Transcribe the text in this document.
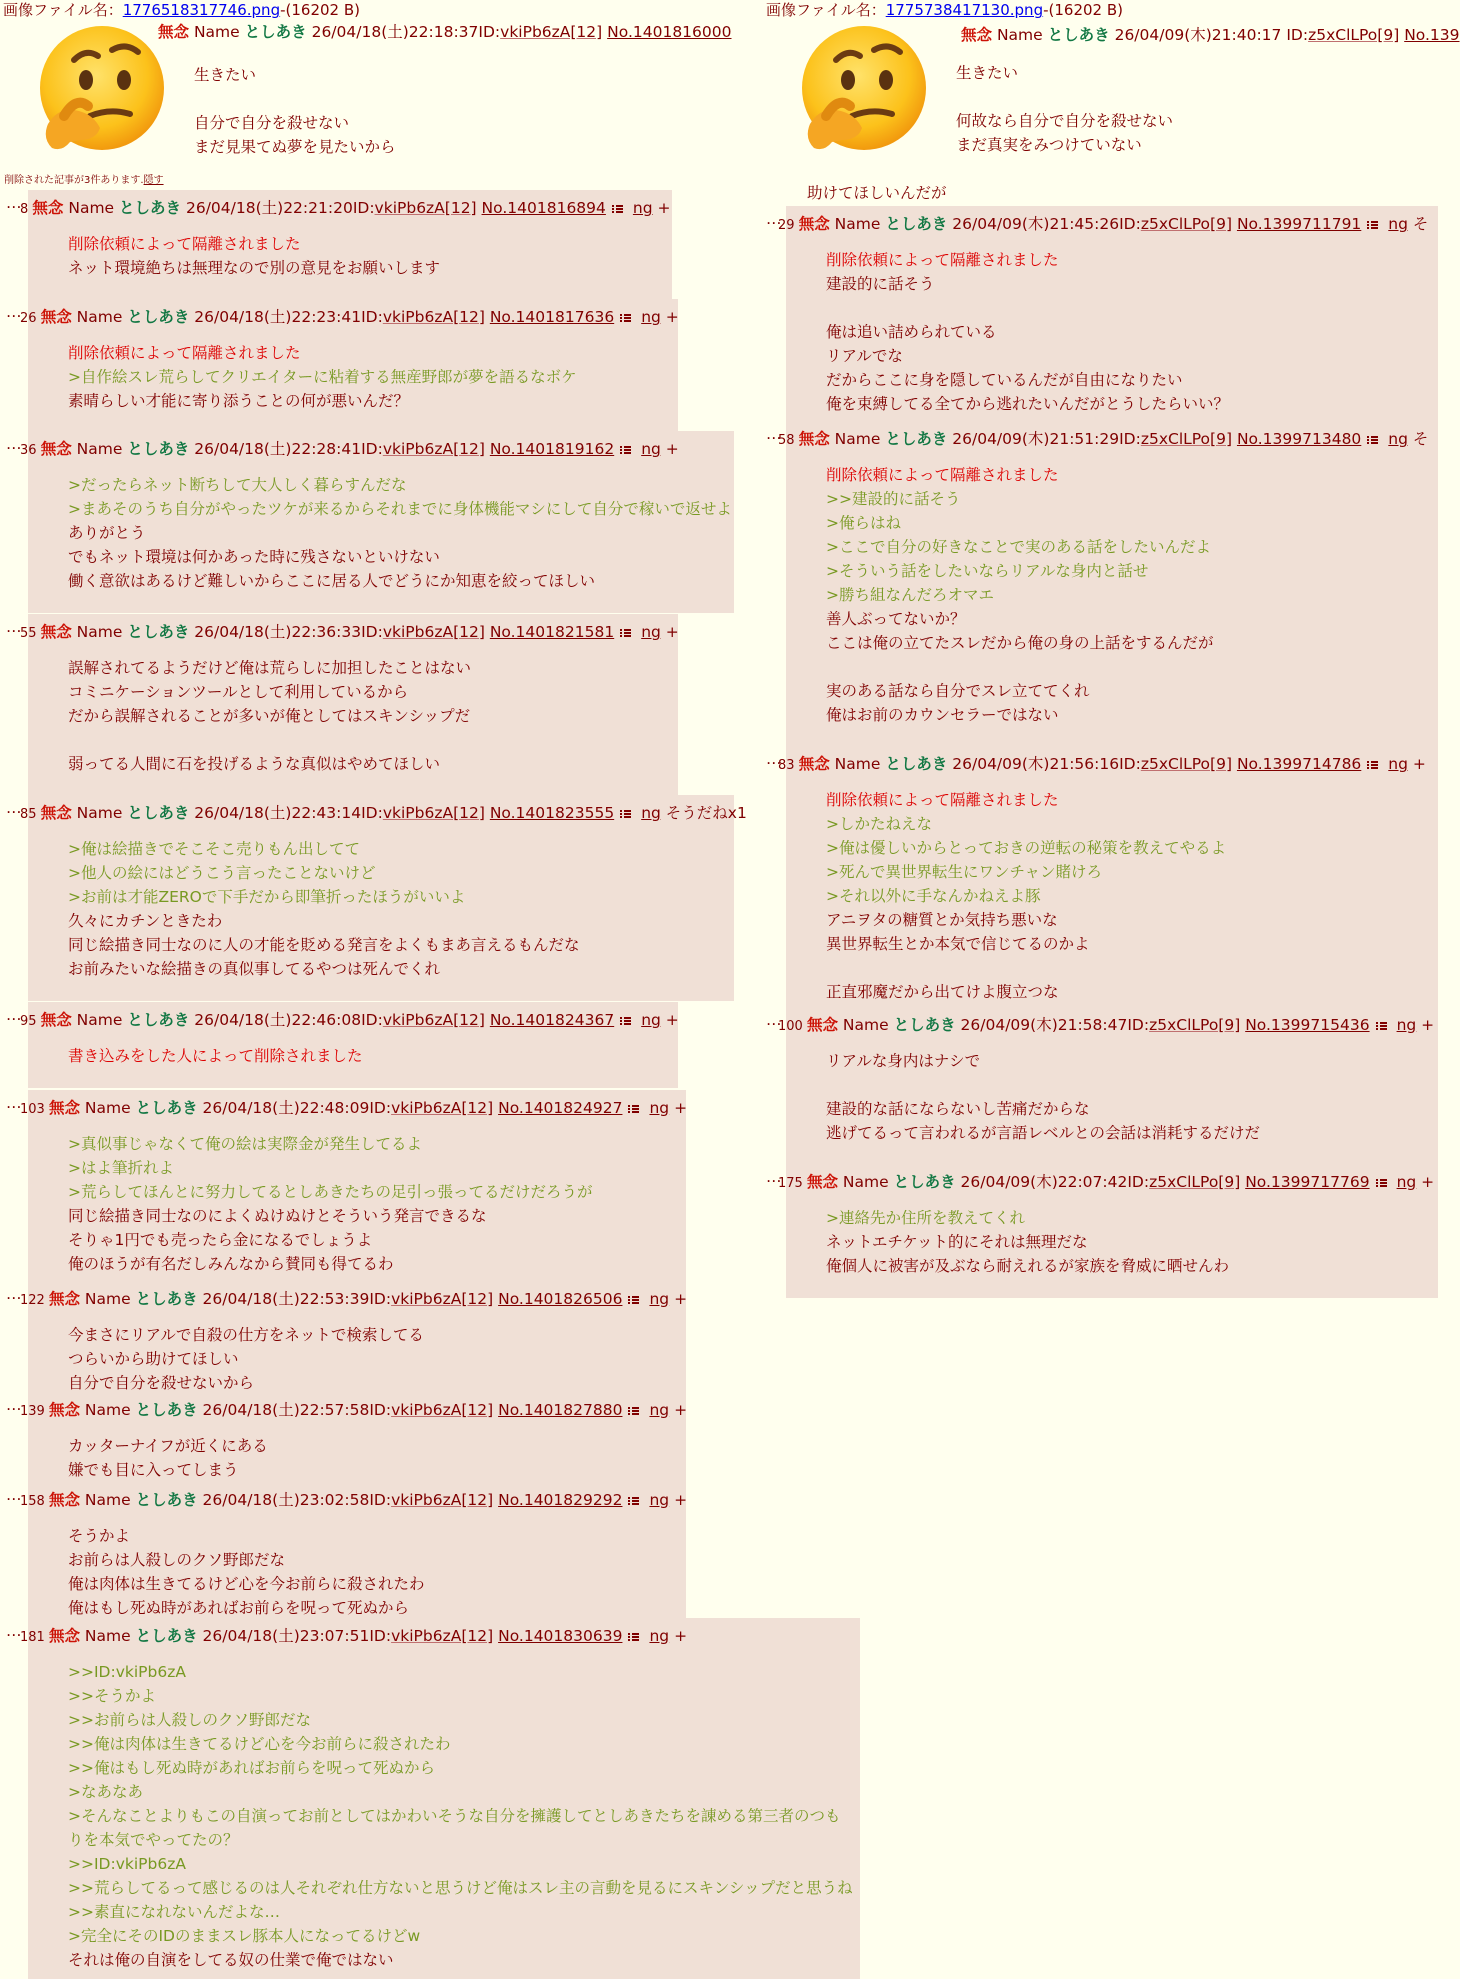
画像ファイル名：1776518317746.png-(16202 B)
無念 Name としあき 26/04/18(土)22:18:37ID:vkiPb6zA[12] No.1401816000
生きたい
自分で自分を殺せない
まだ見果てぬ夢を見たいから
削除された記事が3件あります.隠す
…
8 無念 Name としあき 26/04/18(土)22:21:20ID:vkiPb6zA[12] No.1401816894 ng +
削除依頼によって隔離されました
ネット環境絶ちは無理なので別の意見をお願いします
…
26 無念 Name としあき 26/04/18(土)22:23:41ID:vkiPb6zA[12] No.1401817636 ng +
削除依頼によって隔離されました
>自作絵スレ荒らしてクリエイターに粘着する無産野郎が夢を語るなボケ
素晴らしい才能に寄り添うことの何が悪いんだ？
…
36 無念 Name としあき 26/04/18(土)22:28:41ID:vkiPb6zA[12] No.1401819162 ng +
>だったらネット断ちして大人しく暮らすんだな
>まあそのうち自分がやったツケが来るからそれまでに身体機能マシにして自分で稼いで返せよ
ありがとう
でもネット環境は何かあった時に残さないといけない
働く意欲はあるけど難しいからここに居る人でどうにか知恵を絞ってほしい
…
55 無念 Name としあき 26/04/18(土)22:36:33ID:vkiPb6zA[12] No.1401821581 ng +
誤解されてるようだけど俺は荒らしに加担したことはない
コミニケーションツールとして利用しているから
だから誤解されることが多いが俺としてはスキンシップだ
弱ってる人間に石を投げるような真似はやめてほしい
…
85 無念 Name としあき 26/04/18(土)22:43:14ID:vkiPb6zA[12] No.1401823555 ng そうだねx1
>俺は絵描きでそこそこ売りもん出してて
>他人の絵にはどうこう言ったことないけど
>お前は才能ZEROで下手だから即筆折ったほうがいいよ
久々にカチンときたわ
同じ絵描き同士なのに人の才能を貶める発言をよくもまあ言えるもんだな
お前みたいな絵描きの真似事してるやつは死んでくれ
…
95 無念 Name としあき 26/04/18(土)22:46:08ID:vkiPb6zA[12] No.1401824367 ng +
書き込みをした人によって削除されました
…
103 無念 Name としあき 26/04/18(土)22:48:09ID:vkiPb6zA[12] No.1401824927 ng +
>真似事じゃなくて俺の絵は実際金が発生してるよ
>はよ筆折れよ
>荒らしてほんとに努力してるとしあきたちの足引っ張ってるだけだろうが
同じ絵描き同士なのによくぬけぬけとそういう発言できるな
そりゃ1円でも売ったら金になるでしょうよ
俺のほうが有名だしみんなから賛同も得てるわ
…
122 無念 Name としあき 26/04/18(土)22:53:39ID:vkiPb6zA[12] No.1401826506 ng +
今まさにリアルで自殺の仕方をネットで検索してる
つらいから助けてほしい
自分で自分を殺せないから
…
139 無念 Name としあき 26/04/18(土)22:57:58ID:vkiPb6zA[12] No.1401827880 ng +
カッターナイフが近くにある
嫌でも目に入ってしまう
…
158 無念 Name としあき 26/04/18(土)23:02:58ID:vkiPb6zA[12] No.1401829292 ng +
そうかよ
お前らは人殺しのクソ野郎だな
俺は肉体は生きてるけど心を今お前らに殺されたわ
俺はもし死ぬ時があればお前らを呪って死ぬから
…
181 無念 Name としあき 26/04/18(土)23:07:51ID:vkiPb6zA[12] No.1401830639 ng +
>>ID:vkiPb6zA
>>そうかよ
>>お前らは人殺しのクソ野郎だな
>>俺は肉体は生きてるけど心を今お前らに殺されたわ
>>俺はもし死ぬ時があればお前らを呪って死ぬから
>なあなあ
>そんなことよりもこの自演ってお前としてはかわいそうな自分を擁護してとしあきたちを諌める第三者のつも
りを本気でやってたの？
>>ID:vkiPb6zA
>>荒らしてるって感じるのは人それぞれ仕方ないと思うけど俺はスレ主の言動を見るにスキンシップだと思うね
>>素直になれないんだよな…
>完全にそのIDのままスレ豚本人になってるけどw
それは俺の自演をしてる奴の仕業で俺ではない
画像ファイル名：1775738417130.png-(16202 B)
無念 Name としあき 26/04/09(木)21:40:17 ID:z5xClLPo[9] No.139
生きたい
何故なら自分で自分を殺せない
まだ真実をみつけていない
助けてほしいんだが
…
29 無念 Name としあき 26/04/09(木)21:45:26ID:z5xClLPo[9] No.1399711791 ng そ
削除依頼によって隔離されました
建設的に話そう
俺は追い詰められている
リアルでな
だからここに身を隠しているんだが自由になりたい
俺を束縛してる全てから逃れたいんだがとうしたらいい？
…
58 無念 Name としあき 26/04/09(木)21:51:29ID:z5xClLPo[9] No.1399713480 ng そ
削除依頼によって隔離されました
>>建設的に話そう
>俺らはね
>ここで自分の好きなことで実のある話をしたいんだよ
>そういう話をしたいならリアルな身内と話せ
>勝ち組なんだろオマエ
善人ぶってないか？
ここは俺の立てたスレだから俺の身の上話をするんだが
実のある話なら自分でスレ立ててくれ
俺はお前のカウンセラーではない
…
83 無念 Name としあき 26/04/09(木)21:56:16ID:z5xClLPo[9] No.1399714786 ng +
削除依頼によって隔離されました
>しかたねえな
>俺は優しいからとっておきの逆転の秘策を教えてやるよ
>死んで異世界転生にワンチャン賭けろ
>それ以外に手なんかねえよ豚
アニヲタの糖質とか気持ち悪いな
異世界転生とか本気で信じてるのかよ
正直邪魔だから出てけよ腹立つな
…
100 無念 Name としあき 26/04/09(木)21:58:47ID:z5xClLPo[9] No.1399715436 ng +
リアルな身内はナシで
建設的な話にならないし苦痛だからな
逃げてるって言われるが言語レベルとの会話は消耗するだけだ
…
175 無念 Name としあき 26/04/09(木)22:07:42ID:z5xClLPo[9] No.1399717769 ng +
>連絡先か住所を教えてくれ
ネットエチケット的にそれは無理だな
俺個人に被害が及ぶなら耐えれるが家族を脅威に晒せんわ
